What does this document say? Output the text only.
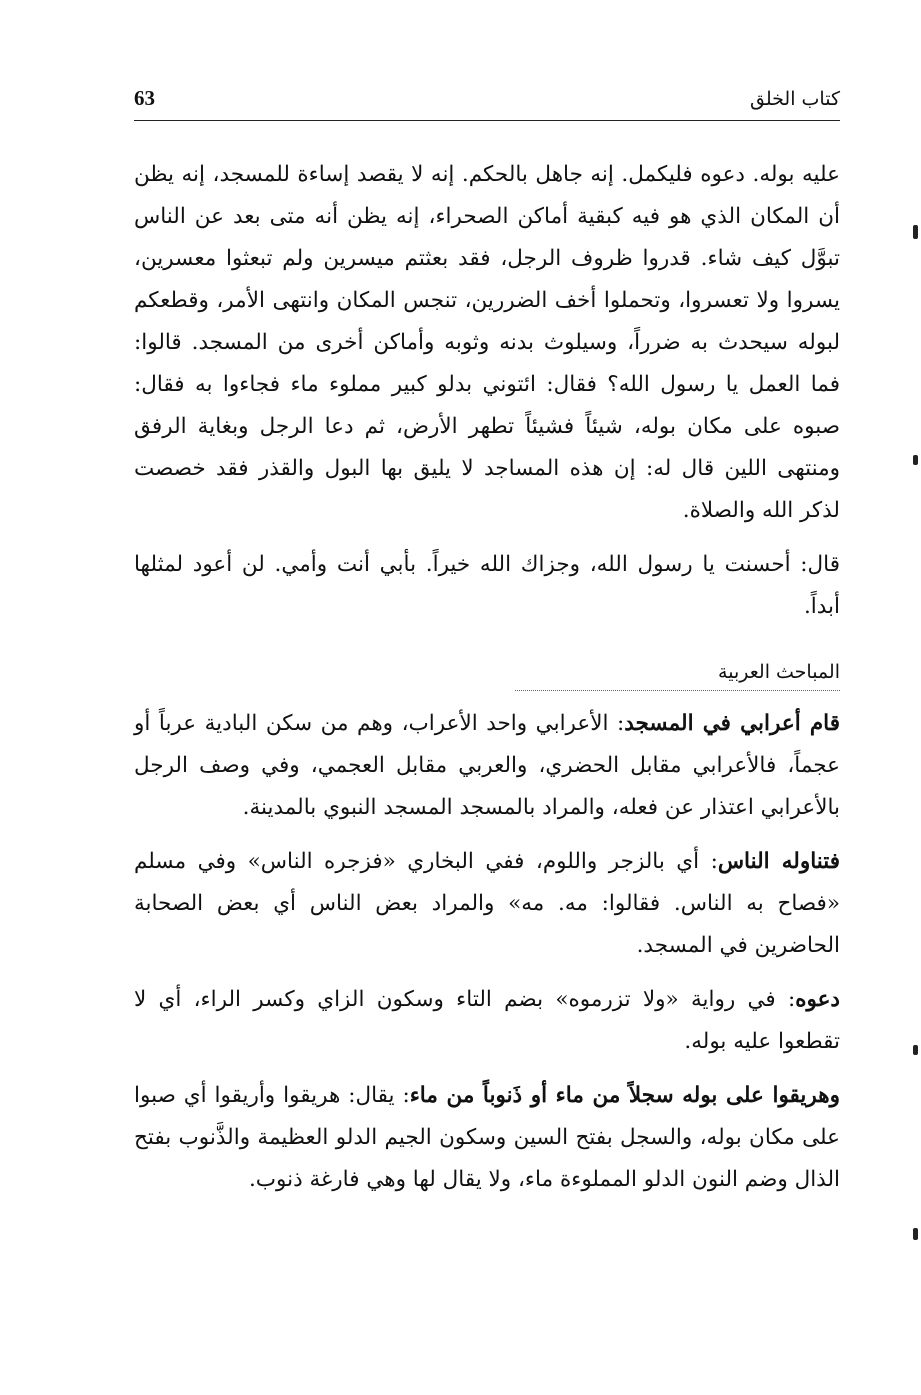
63	كتاب الخلق

عليه بوله. دعوه فليكمل. إنه جاهل بالحكم. إنه لا يقصد إساءة للمسجد، إنه يظن أن المكان الذي هو فيه كبقية أماكن الصحراء، إنه يظن أنه متى بعد عن الناس تبوَّل كيف شاء. قدروا ظروف الرجل، فقد بعثتم ميسرين ولم تبعثوا معسرين، يسروا ولا تعسروا، وتحملوا أخف الضررين، تنجس المكان وانتهى الأمر، وقطعكم لبوله سيحدث به ضرراً، وسيلوث بدنه وثوبه وأماكن أخرى من المسجد. قالوا: فما العمل يا رسول الله؟ فقال: ائتوني بدلو كبير مملوء ماء فجاءوا به فقال: صبوه على مكان بوله، شيئاً فشيئاً تطهر الأرض، ثم دعا الرجل وبغاية الرفق ومنتهى اللين قال له: إن هذه المساجد لا يليق بها البول والقذر فقد خصصت لذكر الله والصلاة.

قال: أحسنت يا رسول الله، وجزاك الله خيراً. بأبي أنت وأمي. لن أعود لمثلها أبداً.

المباحث العربية

قام أعرابي في المسجد: الأعرابي واحد الأعراب، وهم من سكن البادية عرباً أو عجماً، فالأعرابي مقابل الحضري، والعربي مقابل العجمي، وفي وصف الرجل بالأعرابي اعتذار عن فعله، والمراد بالمسجد المسجد النبوي بالمدينة.

فتناوله الناس: أي بالزجر واللوم، ففي البخاري «فزجره الناس» وفي مسلم «فصاح به الناس. فقالوا: مه. مه» والمراد بعض الناس أي بعض الصحابة الحاضرين في المسجد.

دعوه: في رواية «ولا تزرموه» بضم التاء وسكون الزاي وكسر الراء، أي لا تقطعوا عليه بوله.

وهريقوا على بوله سجلاً من ماء أو ذَنوباً من ماء: يقال: هريقوا وأريقوا أي صبوا على مكان بوله، والسجل بفتح السين وسكون الجيم الدلو العظيمة والذَّنوب بفتح الذال وضم النون الدلو المملوءة ماء، ولا يقال لها وهي فارغة ذنوب.
